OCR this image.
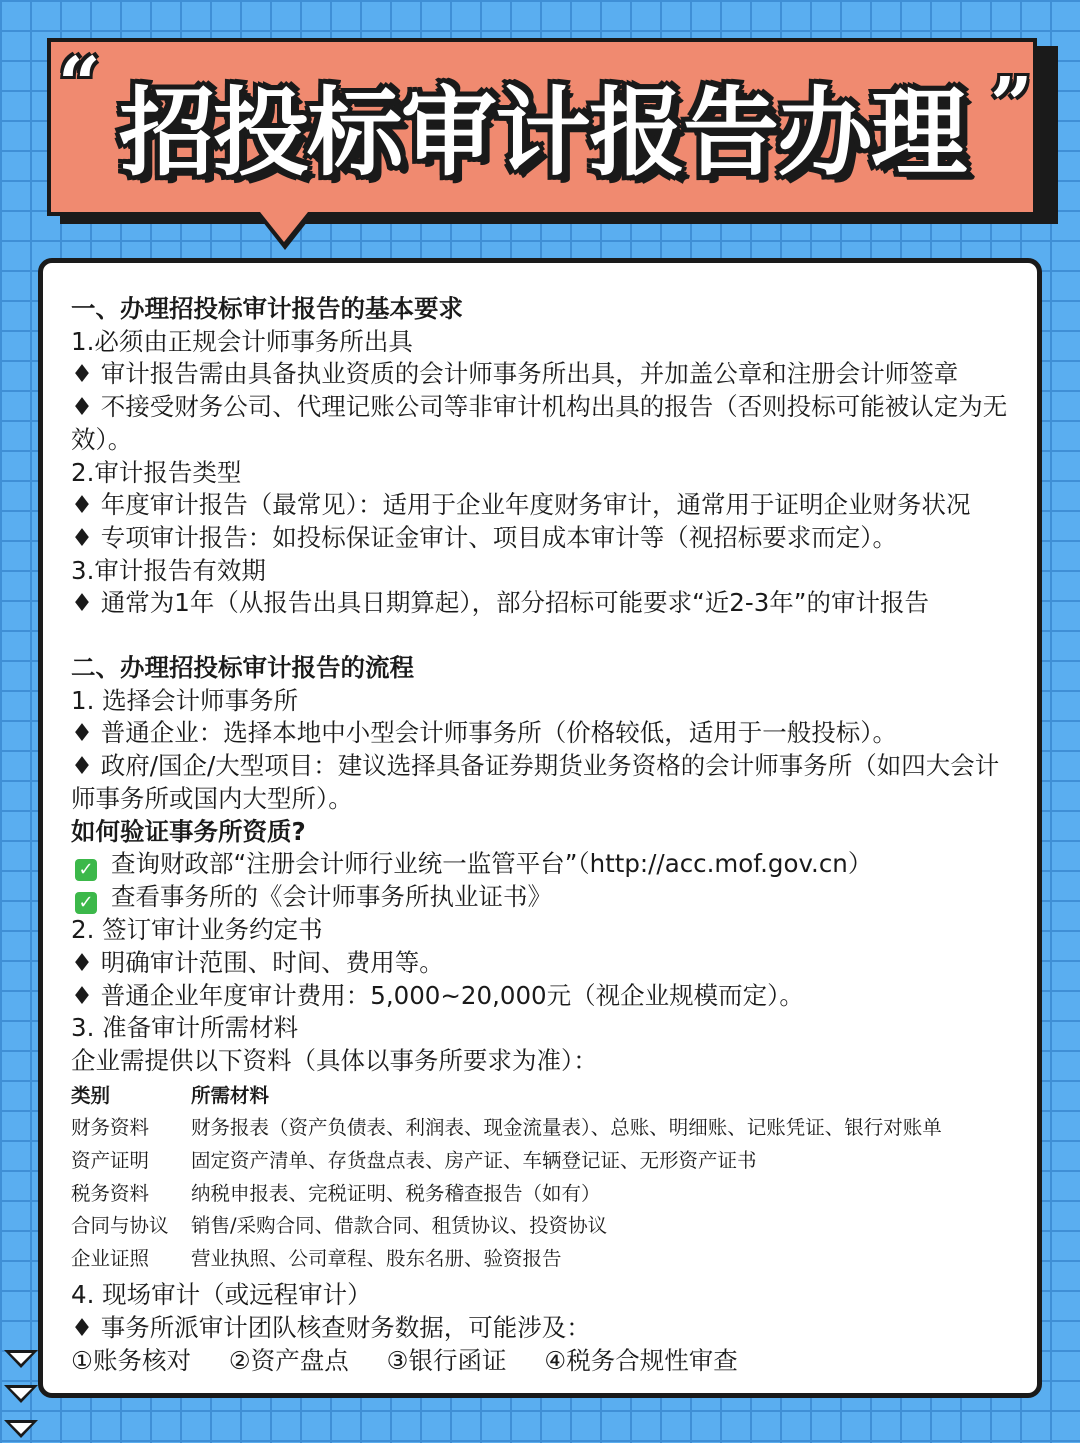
招投标审计报告办理
“	”
一、办理招投标审计报告的基本要求
1.必须由正规会计师事务所出具
♦ 审计报告需由具备执业资质的会计师事务所出具，并加盖公章和注册会计师签章
♦ 不接受财务公司、代理记账公司等非审计机构出具的报告（否则投标可能被认定为无效）。
2.审计报告类型
♦ 年度审计报告（最常见）：适用于企业年度财务审计，通常用于证明企业财务状况
♦ 专项审计报告：如投标保证金审计、项目成本审计等（视招标要求而定）。
3.审计报告有效期
♦ 通常为1年（从报告出具日期算起），部分招标可能要求“近2-3年”的审计报告
二、办理招投标审计报告的流程
1. 选择会计师事务所
♦ 普通企业：选择本地中小型会计师事务所（价格较低，适用于一般投标）。
♦ 政府/国企/大型项目：建议选择具备证券期货业务资格的会计师事务所（如四大会计师事务所或国内大型所）。
如何验证事务所资质?
✓ 查询财政部“注册会计师行业统一监管平台”（http://acc.mof.gov.cn）
✓ 查看事务所的《会计师事务所执业证书》
2. 签订审计业务约定书
♦ 明确审计范围、时间、费用等。
♦ 普通企业年度审计费用：5,000~20,000元（视企业规模而定）。
3. 准备审计所需材料
企业需提供以下资料（具体以事务所要求为准）：
类别	所需材料
财务资料	财务报表（资产负债表、利润表、现金流量表）、总账、明细账、记账凭证、银行对账单
资产证明	固定资产清单、存货盘点表、房产证、车辆登记证、无形资产证书
税务资料	纳税申报表、完税证明、税务稽查报告（如有）
合同与协议	销售/采购合同、借款合同、租赁协议、投资协议
企业证照	营业执照、公司章程、股东名册、验资报告
4. 现场审计（或远程审计）
♦ 事务所派审计团队核查财务数据，可能涉及：
①账务核对 ②资产盘点 ③银行函证 ④税务合规性审查
